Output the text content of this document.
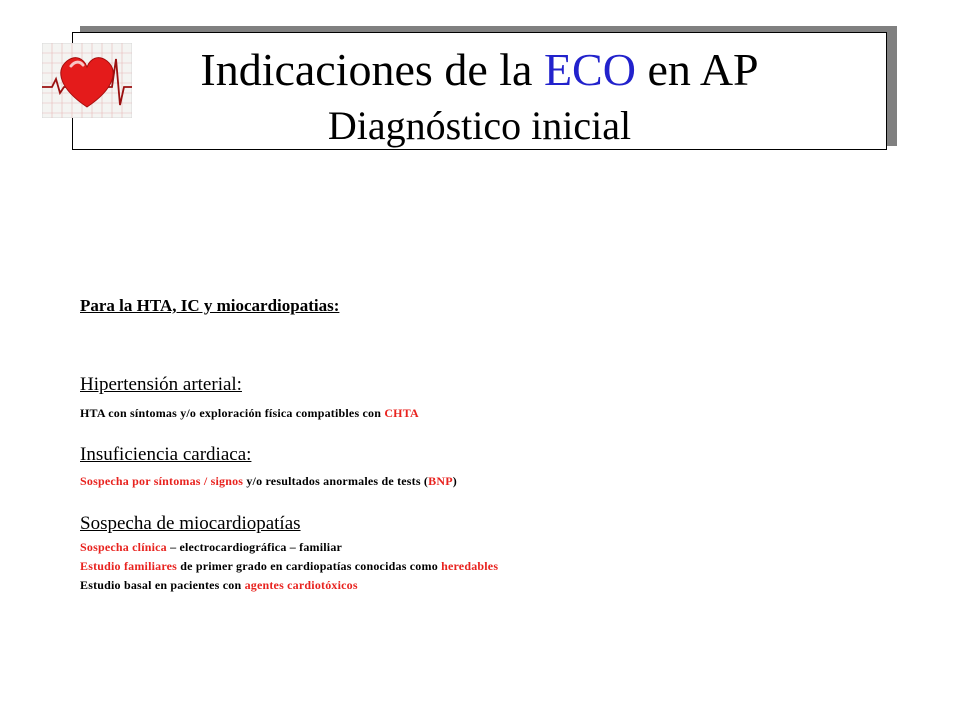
Indicaciones de la ECO en AP
Diagnóstico inicial
Para la HTA, IC y miocardiopatias:
Hipertensión arterial:
HTA con síntomas y/o exploración física compatibles con CHTA
Insuficiencia cardiaca:
Sospecha por síntomas / signos y/o resultados anormales de tests (BNP)
Sospecha de miocardiopatías
Sospecha clínica – electrocardiográfica – familiar
Estudio familiares de primer grado en cardiopatías conocidas como heredables
Estudio basal en pacientes con agentes cardiotóxicos
